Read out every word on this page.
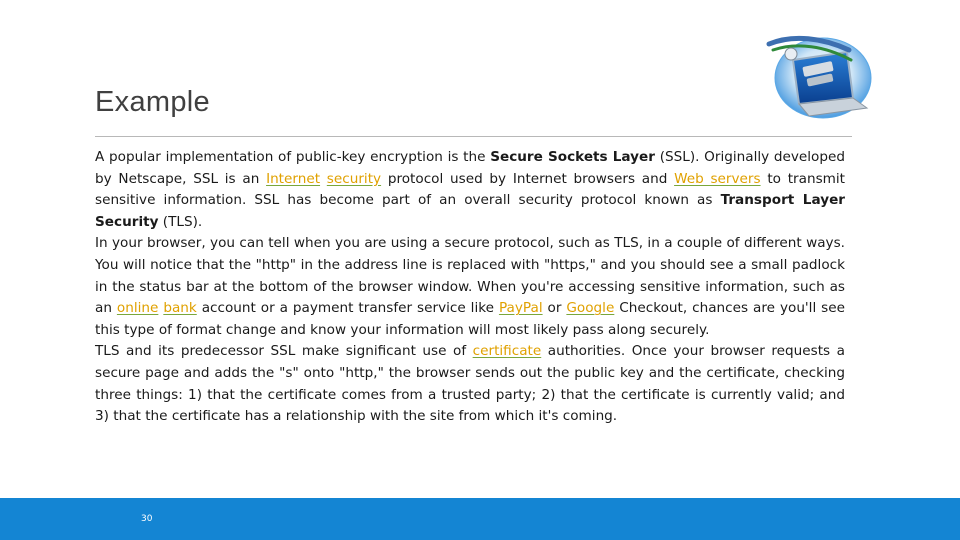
Example

A popular implementation of public-key encryption is the Secure Sockets Layer (SSL). Originally developed by Netscape, SSL is an Internet security protocol used by Internet browsers and Web servers to transmit sensitive information. SSL has become part of an overall security protocol known as Transport Layer Security (TLS).

In your browser, you can tell when you are using a secure protocol, such as TLS, in a couple of different ways. You will notice that the "http" in the address line is replaced with "https," and you should see a small padlock in the status bar at the bottom of the browser window. When you're accessing sensitive information, such as an online bank account or a payment transfer service like PayPal or Google Checkout, chances are you'll see this type of format change and know your information will most likely pass along securely.

TLS and its predecessor SSL make significant use of certificate authorities. Once your browser requests a secure page and adds the "s" onto "http," the browser sends out the public key and the certificate, checking three things: 1) that the certificate comes from a trusted party; 2) that the certificate is currently valid; and 3) that the certificate has a relationship with the site from which it's coming.

30
